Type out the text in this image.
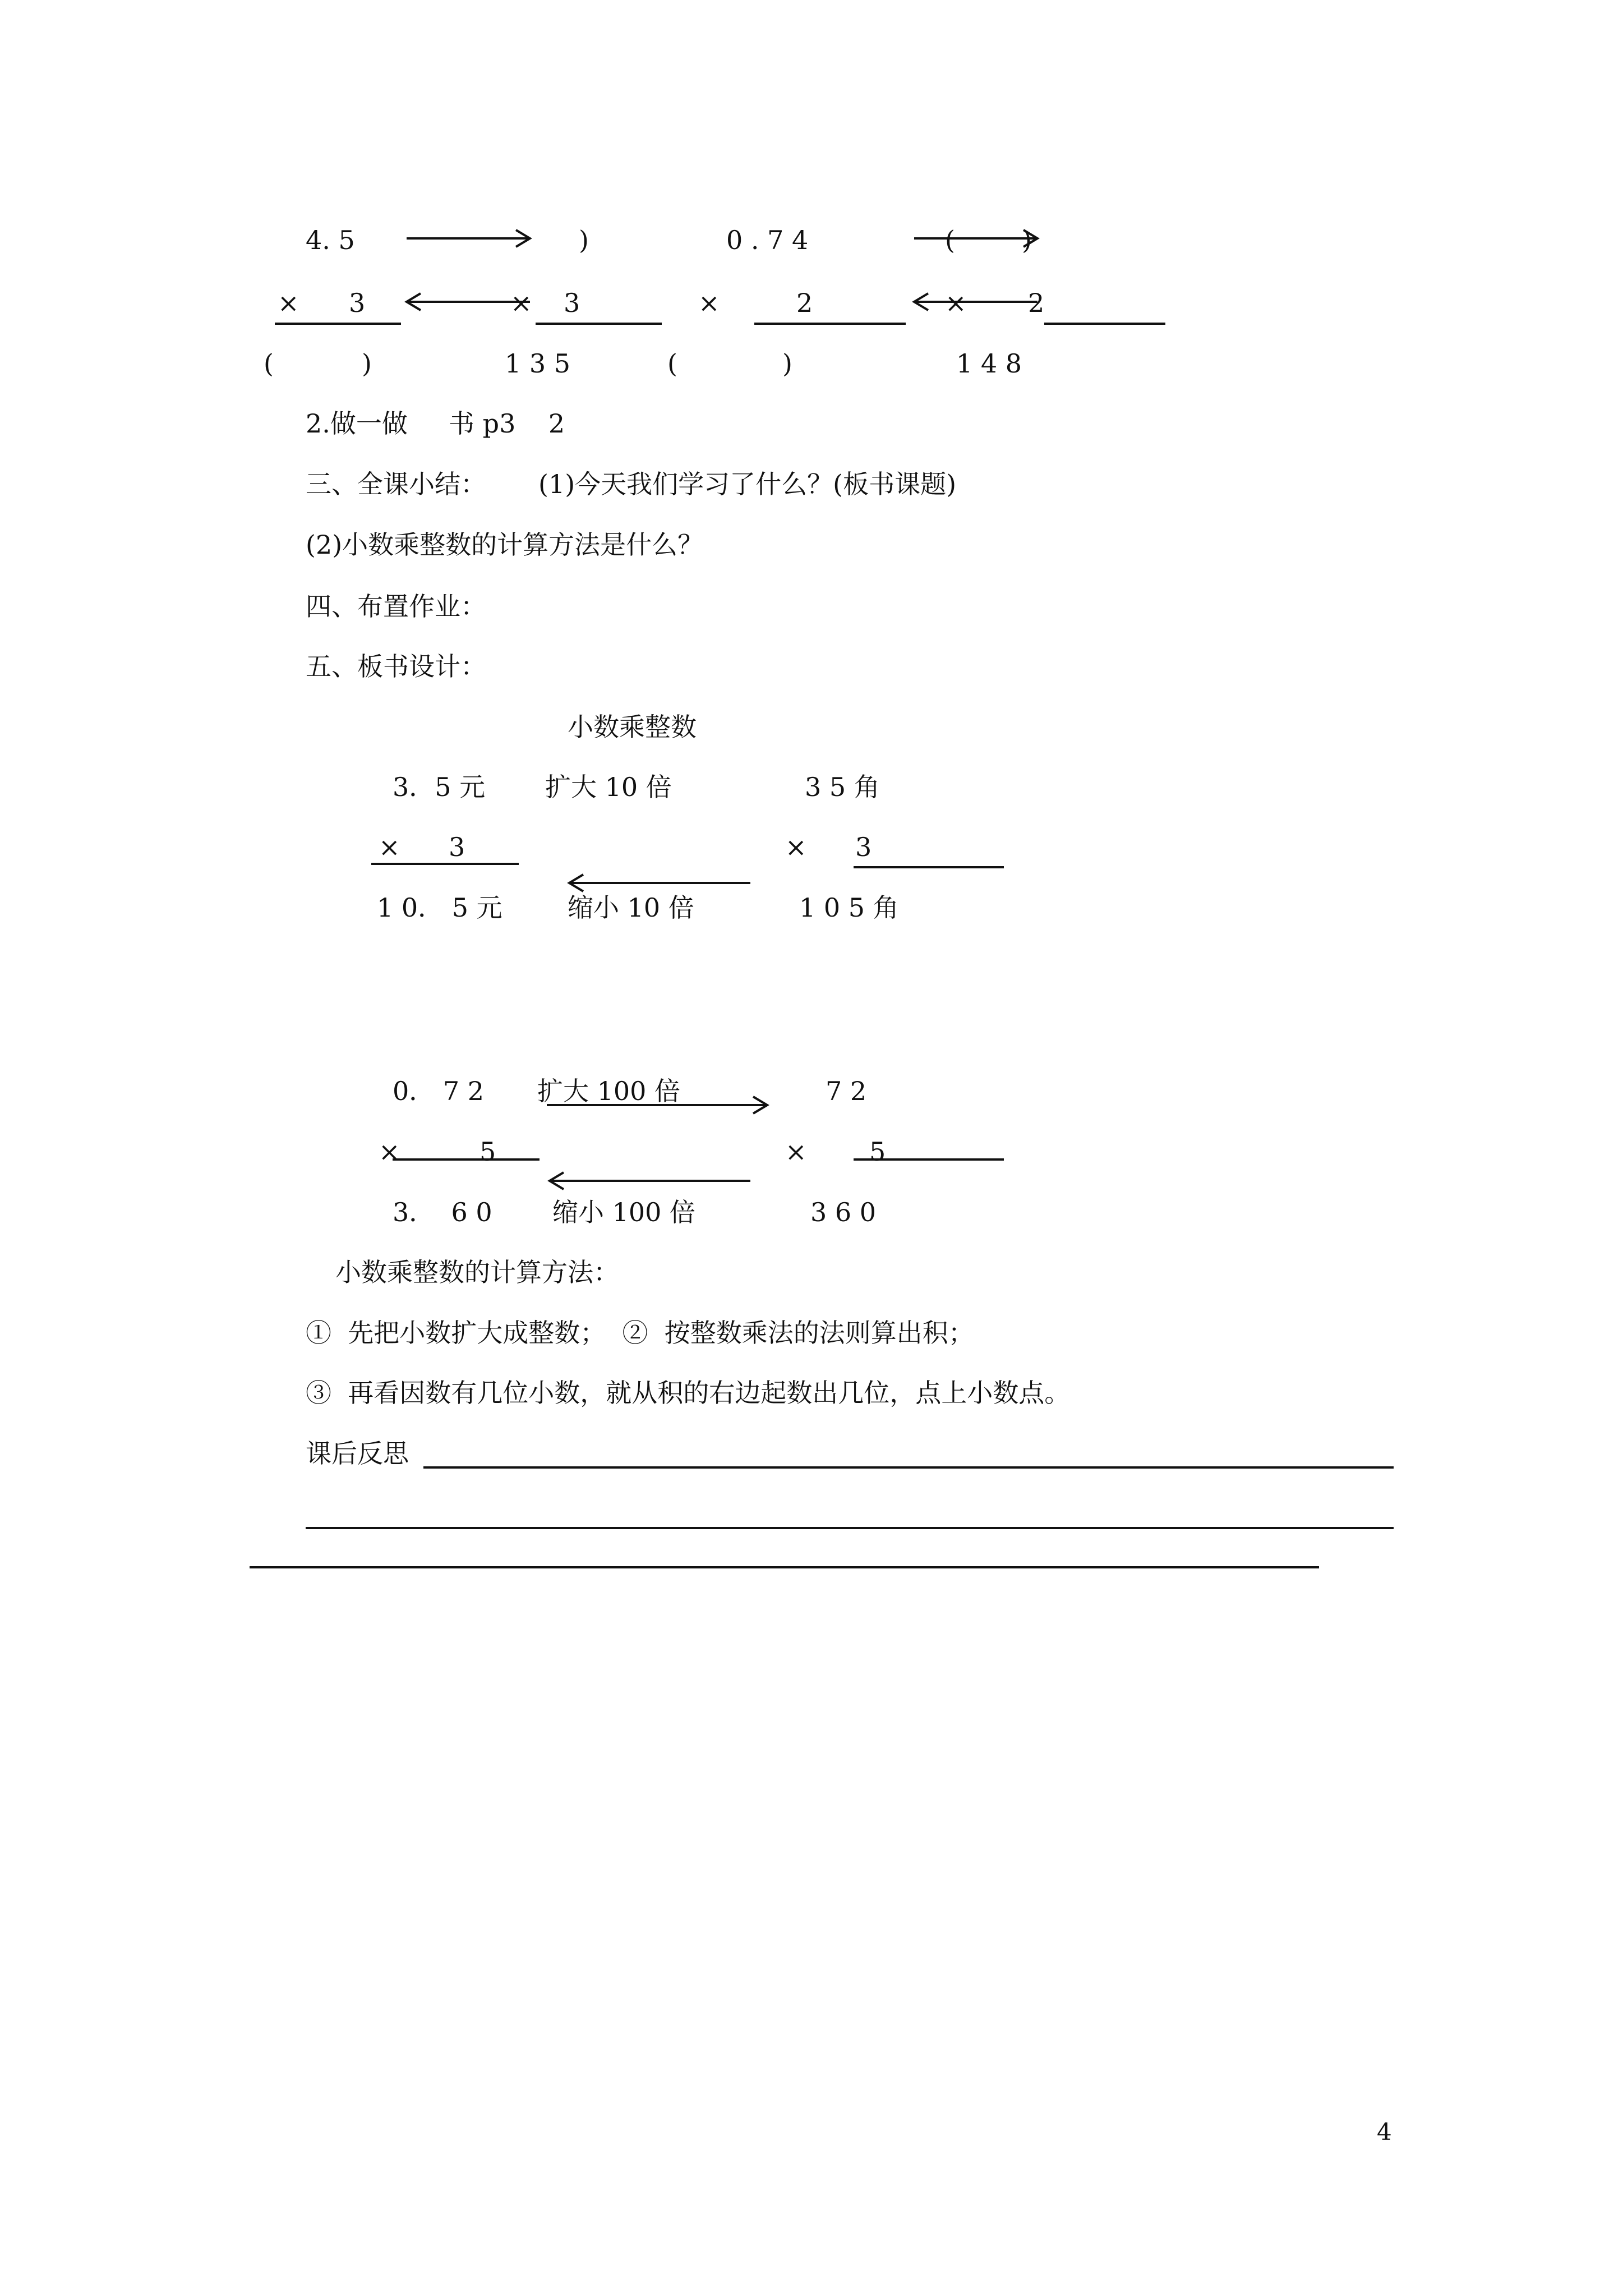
4. 5	)	0 . 7 4	(	)
× 3	× 3	×	2	× 2
(	)	1 3 5	(	)	1 4 8
2.做一做     书 p3    2
三、全课小结： (1)今天我们学习了什么？(板书课题)
(2)小数乘整数的计算方法是什么？
四、布置作业：
五、板书设计：
小数乘整数
3．5 元 扩大 10 倍	3 5 角
× 3	× 3
1 0． 5 元	缩小 10 倍	1 0 5 角
0． 7 2 扩大 100 倍	7 2
×	5	× 5
3．  6 0 缩小 100 倍	3 6 0
小数乘整数的计算方法：
①  先把小数扩大成整数；  ②  按整数乘法的法则算出积；
③  再看因数有几位小数，就从积的右边起数出几位，点上小数点。
课后反思
4
